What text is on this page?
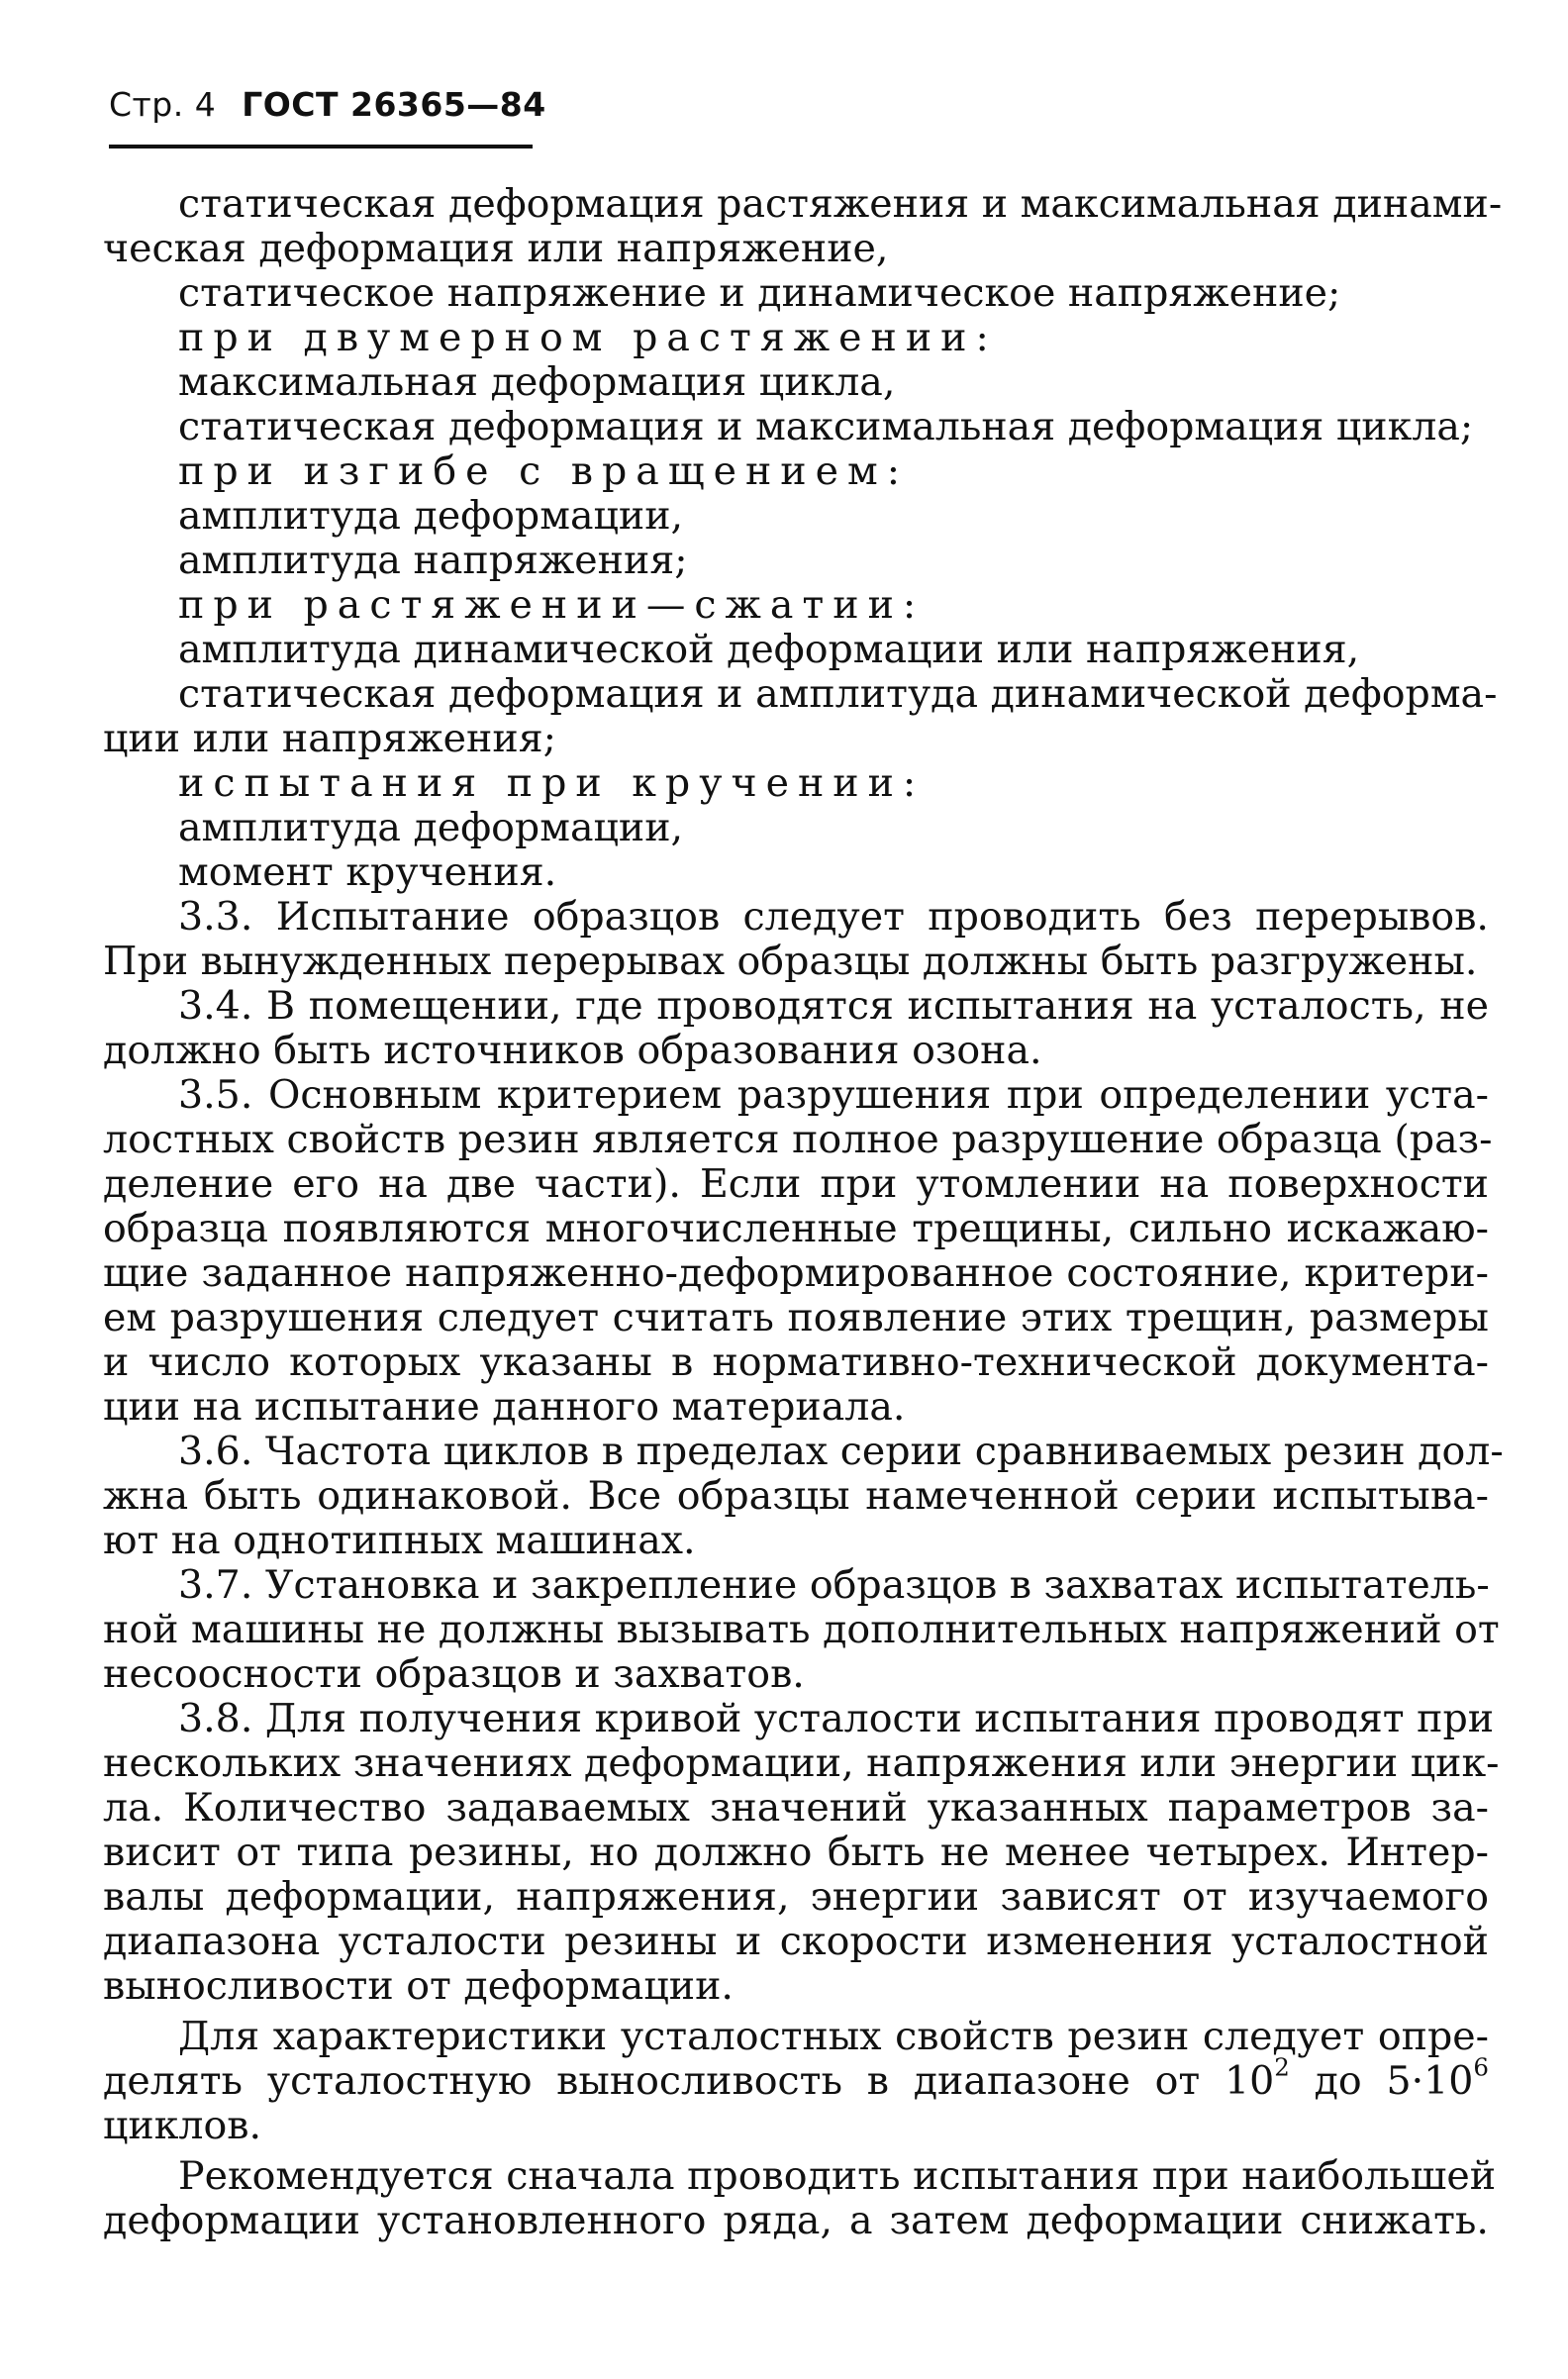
Стр. 4 ГОСТ 26365—84
статическая деформация растяжения и максимальная динами-
ческая деформация или напряжение,
статическое напряжение и динамическое напряжение;
при двумерном растяжении:
максимальная деформация цикла,
статическая деформация и максимальная деформация цикла;
при изгибе с вращением:
амплитуда деформации,
амплитуда напряжения;
при растяжении—сжатии:
амплитуда динамической деформации или напряжения,
статическая деформация и амплитуда динамической деформа-
ции или напряжения;
испытания при кручении:
амплитуда деформации,
момент кручения.
3.3. Испытание образцов следует проводить без перерывов.
При вынужденных перерывах образцы должны быть разгружены.
3.4. В помещении, где проводятся испытания на усталость, не
должно быть источников образования озона.
3.5. Основным критерием разрушения при определении уста-
лостных свойств резин является полное разрушение образца (раз-
деление его на две части). Если при утомлении на поверхности
образца появляются многочисленные трещины, сильно искажаю-
щие заданное напряженно-деформированное состояние, критери-
ем разрушения следует считать появление этих трещин, размеры
и число которых указаны в нормативно-технической документа-
ции на испытание данного материала.
3.6. Частота циклов в пределах серии сравниваемых резин дол-
жна быть одинаковой. Все образцы намеченной серии испытыва-
ют на однотипных машинах.
3.7. Установка и закрепление образцов в захватах испытатель-
ной машины не должны вызывать дополнительных напряжений от
несоосности образцов и захватов.
3.8. Для получения кривой усталости испытания проводят при
нескольких значениях деформации, напряжения или энергии цик-
ла. Количество задаваемых значений указанных параметров за-
висит от типа резины, но должно быть не менее четырех. Интер-
валы деформации, напряжения, энергии зависят от изучаемого
диапазона усталости резины и скорости изменения усталостной
выносливости от деформации.
Для характеристики усталостных свойств резин следует опре-
делять усталостную выносливость в диапазоне от $10^2$ до $5\cdot 10^6$
циклов.
Рекомендуется сначала проводить испытания при наибольшей
деформации установленного ряда, а затем деформации снижать.
